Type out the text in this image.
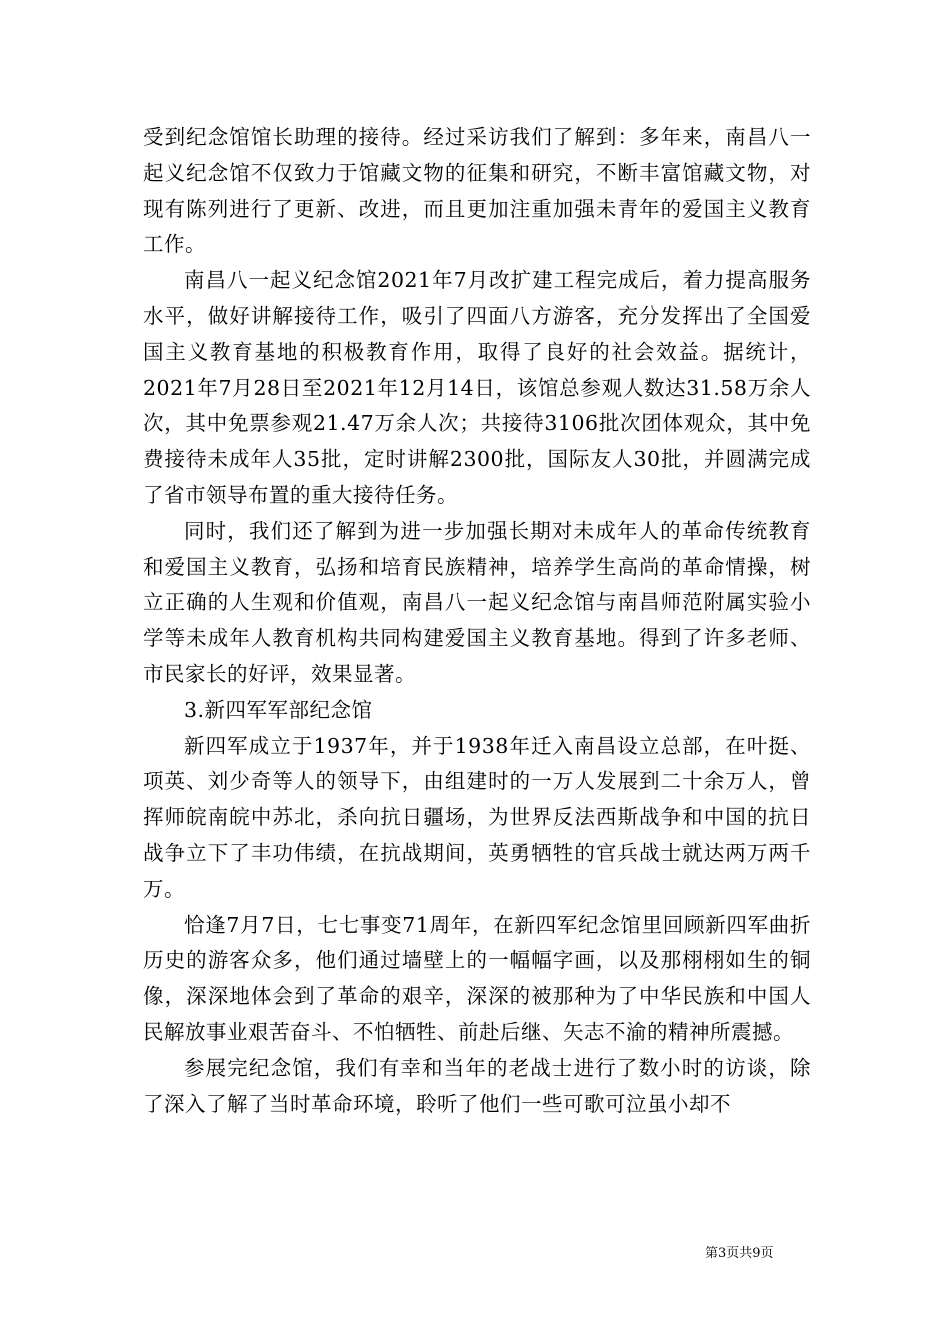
受到纪念馆馆长助理的接待。经过采访我们了解到：多年来，南昌八一起义纪念馆不仅致力于馆藏文物的征集和研究，不断丰富馆藏文物，对现有陈列进行了更新、改进，而且更加注重加强未青年的爱国主义教育工作。

南昌八一起义纪念馆2021年7月改扩建工程完成后，着力提高服务水平，做好讲解接待工作，吸引了四面八方游客，充分发挥出了全国爱国主义教育基地的积极教育作用，取得了良好的社会效益。据统计，2021年7月28日至2021年12月14日，该馆总参观人数达31.58万余人次，其中免票参观21.47万余人次；共接待3106批次团体观众，其中免费接待未成年人35批，定时讲解2300批，国际友人30批，并圆满完成了省市领导布置的重大接待任务。

同时，我们还了解到为进一步加强长期对未成年人的革命传统教育和爱国主义教育，弘扬和培育民族精神，培养学生高尚的革命情操，树立正确的人生观和价值观，南昌八一起义纪念馆与南昌师范附属实验小学等未成年人教育机构共同构建爱国主义教育基地。得到了许多老师、市民家长的好评，效果显著。

3.新四军军部纪念馆

新四军成立于1937年，并于1938年迁入南昌设立总部，在叶挺、项英、刘少奇等人的领导下，由组建时的一万人发展到二十余万人，曾挥师皖南皖中苏北，杀向抗日疆场，为世界反法西斯战争和中国的抗日战争立下了丰功伟绩，在抗战期间，英勇牺牲的官兵战士就达两万两千万。

恰逢7月7日，七七事变71周年，在新四军纪念馆里回顾新四军曲折历史的游客众多，他们通过墙壁上的一幅幅字画，以及那栩栩如生的铜像，深深地体会到了革命的艰辛，深深的被那种为了中华民族和中国人民解放事业艰苦奋斗、不怕牺牲、前赴后继、矢志不渝的精神所震撼。

参展完纪念馆，我们有幸和当年的老战士进行了数小时的访谈，除了深入了解了当时革命环境，聆听了他们一些可歌可泣虽小却不

第3页共9页
